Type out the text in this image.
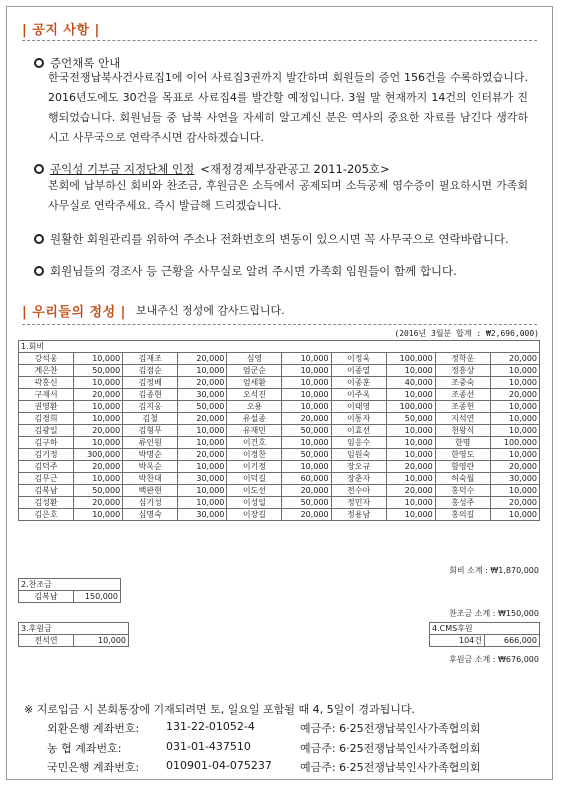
| 공지 사항 |
증언채록 안내
한국전쟁납북사건사료집1에 이어 사료집3권까지 발간하며 회원들의 증언 156건을 수록하였습니다. 2016년도에도 30건을 목표로 사료집4를 발간할 예정입니다. 3월 말 현재까지 14건의 인터뷰가 진행되었습니다. 회원님들 중 납북 사연을 자세히 알고계신 분은 역사의 중요한 자료를 남긴다 생각하시고 사무국으로 연락주시면 감사하겠습니다.
공익성 기부금 지정단체 인정 <재정경제부장관공고 2011-205호>
본회에 납부하신 회비와 찬조금, 후원금은 소득에서 공제되며 소득공제 영수증이 필요하시면 가족회 사무실로 연락주세요. 즉시 발급해 드리겠습니다.
원활한 회원관리를 위하여 주소나 전화번호의 변동이 있으시면 꼭 사무국으로 연락바랍니다.
회원님들의 경조사 등 근황을 사무실로 알려 주시면 가족회 임원들이 함께 합니다.
| 우리들의 정성 | 보내주신 정성에 감사드립니다.
(2016년 3월분 합계 : ₩2,696,000)
1.회비									
강석웅	10,000	김재조	20,000	심영	10,000	이정욱	100,000	정학운	20,000
계은찬	50,000	김점순	10,000	엄군순	10,000	이종열	10,000	정흥상	10,000
곽홍신	10,000	김정배	20,000	엄세환	10,000	이종훈	40,000	조중숙	10,000
구재서	20,000	김종현	30,000	오석진	10,000	이주옥	10,000	조종선	20,000
권영환	10,000	김지웅	50,000	오용	10,000	이태영	100,000	조종헌	10,000
김경희	10,000	김철	20,000	유설종	20,000	이통자	50,000	지석연	10,000
김광일	20,000	김형무	10,000	유재민	50,000	이효선	10,000	천왕식	10,000
김구하	10,000	류인원	10,000	이건호	10,000	임응수	10,000	한명	100,000
김기정	300,000	박명순	20,000	이경찬	50,000	임원숙	10,000	한영도	10,000
김덕주	20,000	박옥순	10,000	이기정	10,000	장오규	20,000	함영란	20,000
김무근	10,000	박찬대	30,000	이덕길	60,000	장춘자	10,000	허숙월	30,000
김복남	50,000	백완현	10,000	이도선	20,000	전수아	20,000	홍덕수	10,000
김성환	20,000	심기성	10,000	이성일	50,000	정민자	10,000	홍성주	20,000
김은호	10,000	심명숙	30,000	이장길	20,000	정용남	10,000	홍의길	10,000
회비 소계 : ₩1,870,000
2.찬조금
김복남	150,000
찬조금 소계 : ₩150,000
3.후원금			4.CMS후원	
전석연	10,000		104건	666,000
후원금 소계 : ₩676,000
※ 지로입금 시 본회통장에 기재되려면 토, 일요일 포함될 때 4, 5일이 경과됩니다.
외환은행 계좌번호: 131-22-01052-4	예금주: 6·25전쟁납북인사가족협의회
농 협 계좌번호:	031-01-437510	예금주: 6·25전쟁납북인사가족협의회
국민은행 계좌번호: 010901-04-075237	예금주: 6·25전쟁납북인사가족협의회
